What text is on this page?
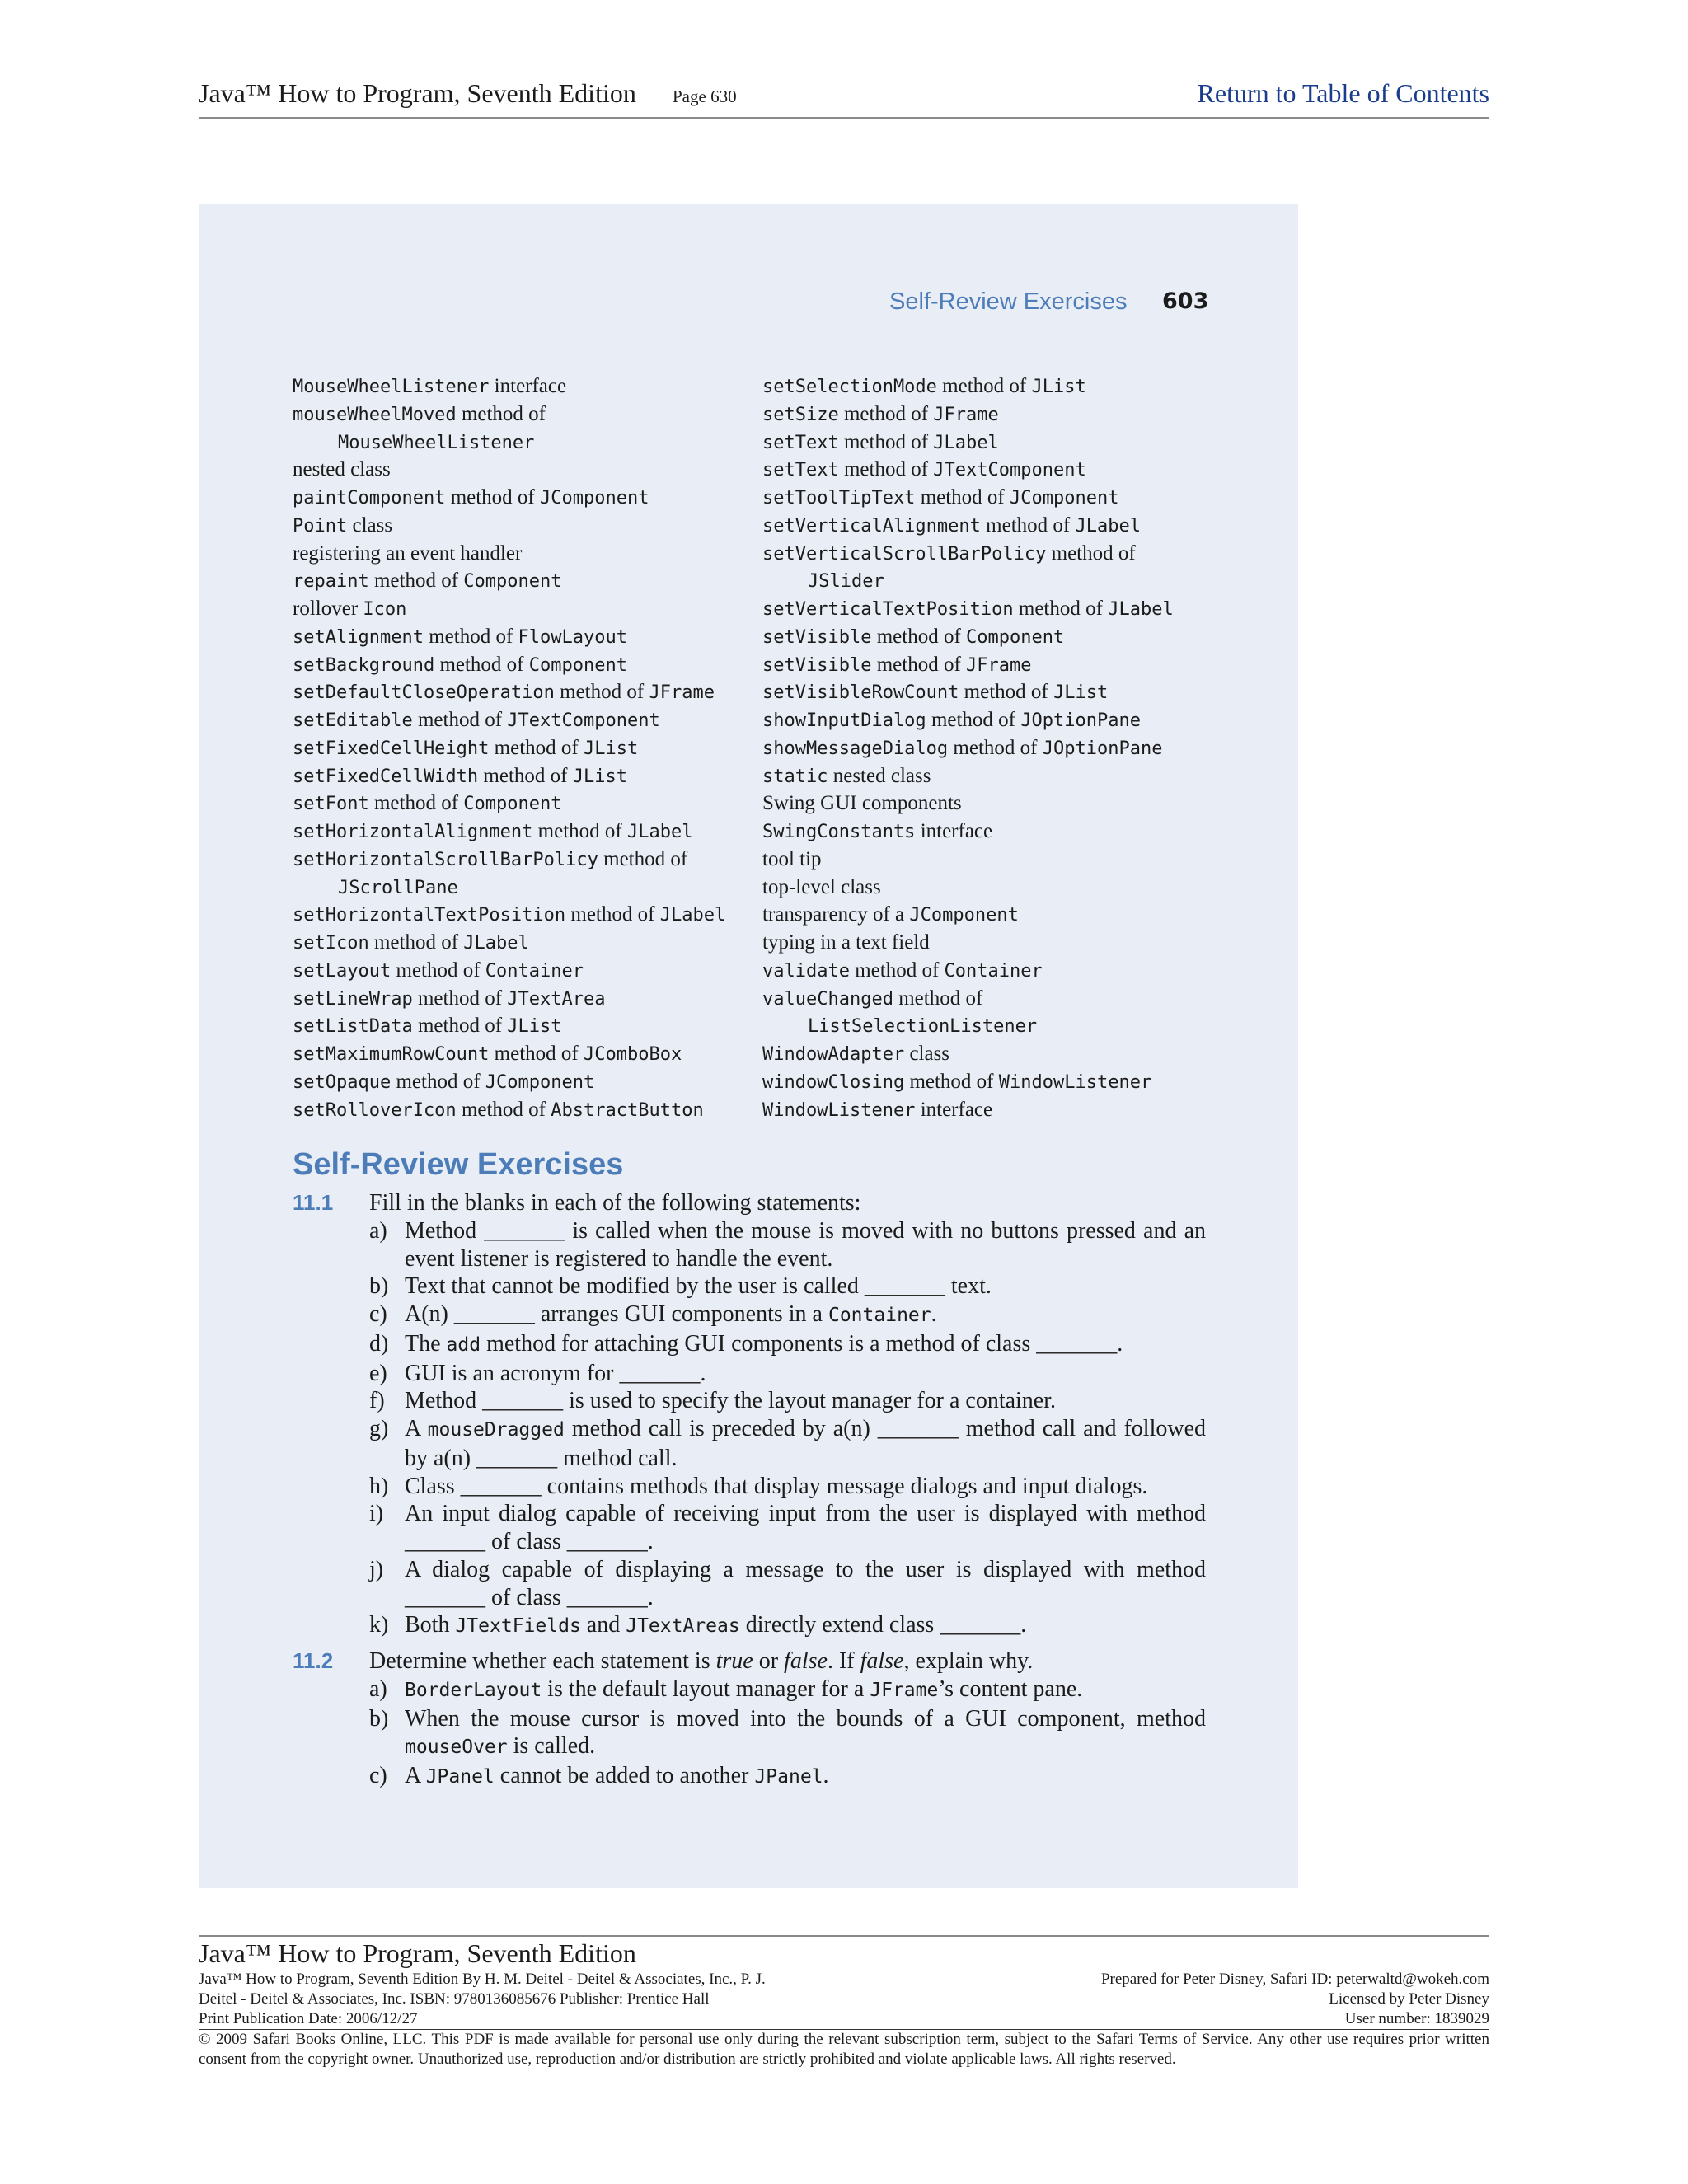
Java™ How to Program, Seventh Edition Page 630	Return to Table of Contents
Self-Review Exercises 603
MouseWheelListener interface
mouseWheelMoved method of
MouseWheelListener
nested class
paintComponent method of JComponent
Point class
registering an event handler
repaint method of Component
rollover Icon
setAlignment method of FlowLayout
setBackground method of Component
setDefaultCloseOperation method of JFrame
setEditable method of JTextComponent
setFixedCellHeight method of JList
setFixedCellWidth method of JList
setFont method of Component
setHorizontalAlignment method of JLabel
setHorizontalScrollBarPolicy method of
JScrollPane
setHorizontalTextPosition method of JLabel
setIcon method of JLabel
setLayout method of Container
setLineWrap method of JTextArea
setListData method of JList
setMaximumRowCount method of JComboBox
setOpaque method of JComponent
setRolloverIcon method of AbstractButton
setSelectionMode method of JList
setSize method of JFrame
setText method of JLabel
setText method of JTextComponent
setToolTipText method of JComponent
setVerticalAlignment method of JLabel
setVerticalScrollBarPolicy method of
JSlider
setVerticalTextPosition method of JLabel
setVisible method of Component
setVisible method of JFrame
setVisibleRowCount method of JList
showInputDialog method of JOptionPane
showMessageDialog method of JOptionPane
static nested class
Swing GUI components
SwingConstants interface
tool tip
top-level class
transparency of a JComponent
typing in a text field
validate method of Container
valueChanged method of
ListSelectionListener
WindowAdapter class
windowClosing method of WindowListener
WindowListener interface
Self-Review Exercises
11.1 Fill in the blanks in each of the following statements:
a) Method _______ is called when the mouse is moved with no buttons pressed and an event listener is registered to handle the event.
b) Text that cannot be modified by the user is called _______ text.
c) A(n) _______ arranges GUI components in a Container.
d) The add method for attaching GUI components is a method of class _______.
e) GUI is an acronym for _______.
f) Method _______ is used to specify the layout manager for a container.
g) A mouseDragged method call is preceded by a(n) _______ method call and followed by a(n) _______ method call.
h) Class _______ contains methods that display message dialogs and input dialogs.
i) An input dialog capable of receiving input from the user is displayed with method _______ of class _______.
j) A dialog capable of displaying a message to the user is displayed with method _______ of class _______.
k) Both JTextFields and JTextAreas directly extend class _______.
11.2 Determine whether each statement is true or false. If false, explain why.
a) BorderLayout is the default layout manager for a JFrame’s content pane.
b) When the mouse cursor is moved into the bounds of a GUI component, method mouseOver is called.
c) A JPanel cannot be added to another JPanel.
Java™ How to Program, Seventh Edition
Java™ How to Program, Seventh Edition By H. M. Deitel - Deitel & Associates, Inc., P. J.
Deitel - Deitel & Associates, Inc. ISBN: 9780136085676 Publisher: Prentice Hall
Print Publication Date: 2006/12/27
Prepared for Peter Disney, Safari ID: peterwaltd@wokeh.com
Licensed by Peter Disney
User number: 1839029
© 2009 Safari Books Online, LLC. This PDF is made available for personal use only during the relevant subscription term, subject to the Safari Terms of Service. Any other use requires prior written consent from the copyright owner. Unauthorized use, reproduction and/or distribution are strictly prohibited and violate applicable laws. All rights reserved.
